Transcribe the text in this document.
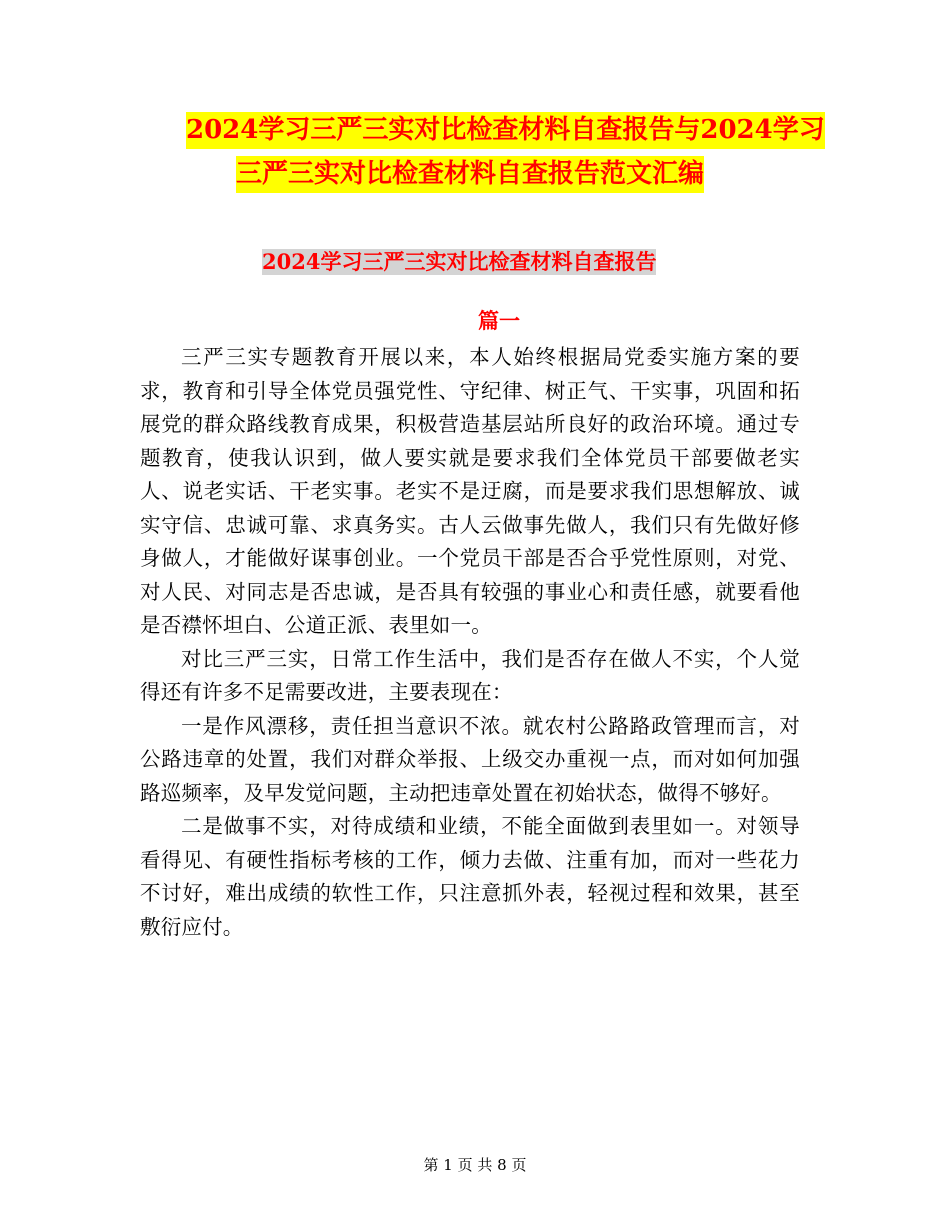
2024学习三严三实对比检查材料自查报告与2024学习
三严三实对比检查材料自查报告范文汇编
2024学习三严三实对比检查材料自查报告
篇一

三严三实专题教育开展以来，本人始终根据局党委实施方案的要求，教育和引导全体党员强党性、守纪律、树正气、干实事，巩固和拓展党的群众路线教育成果，积极营造基层站所良好的政治环境。通过专题教育，使我认识到，做人要实就是要求我们全体党员干部要做老实人、说老实话、干老实事。老实不是迂腐，而是要求我们思想解放、诚实守信、忠诚可靠、求真务实。古人云做事先做人，我们只有先做好修身做人，才能做好谋事创业。一个党员干部是否合乎党性原则，对党、对人民、对同志是否忠诚，是否具有较强的事业心和责任感，就要看他是否襟怀坦白、公道正派、表里如一。

对比三严三实，日常工作生活中，我们是否存在做人不实，个人觉得还有许多不足需要改进，主要表现在：

一是作风漂移，责任担当意识不浓。就农村公路路政管理而言，对公路违章的处置，我们对群众举报、上级交办重视一点，而对如何加强路巡频率，及早发觉问题，主动把违章处置在初始状态，做得不够好。

二是做事不实，对待成绩和业绩，不能全面做到表里如一。对领导看得见、有硬性指标考核的工作，倾力去做、注重有加，而对一些花力不讨好，难出成绩的软性工作，只注意抓外表，轻视过程和效果，甚至敷衍应付。

第 1 页 共 8 页
